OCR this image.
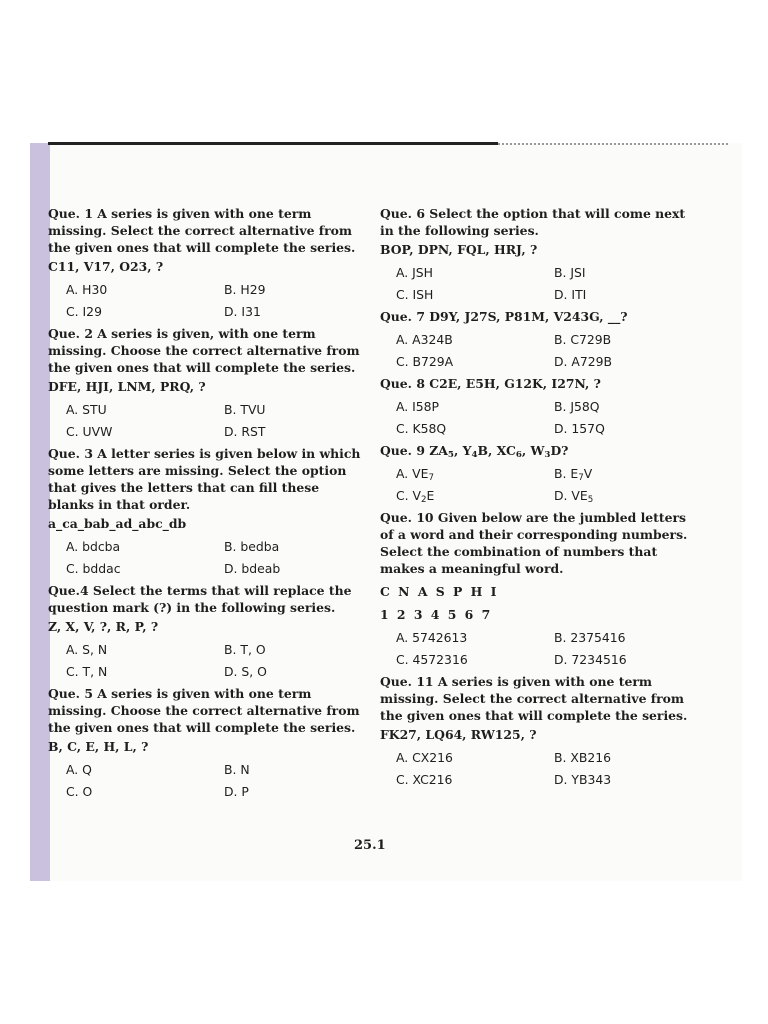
Que. 1 A series is given with one term missing. Select the correct alternative from the given ones that will complete the series.

C11, V17, O23, ?

A. H30	B. H29
C. I29	D. I31

Que. 2 A series is given, with one term missing. Choose the correct alternative from the given ones that will complete the series.

DFE, HJI, LNM, PRQ, ?

A. STU	B. TVU
C. UVW	D. RST

Que. 3 A letter series is given below in which some letters are missing. Select the option that gives the letters that can fill these blanks in that order.

a_ca_bab_ad_abc_db

A. bdcba	B. bedba
C. bddac	D. bdeab

Que.4 Select the terms that will replace the question mark (?) in the following series.

Z, X, V, ?, R, P, ?

A. S, N	B. T, O
C. T, N	D. S, O

Que. 5 A series is given with one term missing. Choose the correct alternative from the given ones that will complete the series.

B, C, E, H, L, ?

A. Q	B. N
C. O	D. P

Que. 6 Select the option that will come next in the following series.

BOP, DPN, FQL, HRJ, ?

A. JSH	B. JSI
C. ISH	D. ITI

Que. 7 D9Y, J27S, P81M, V243G, __?

A. A324B	B. C729B
C. B729A	D. A729B

Que. 8 C2E, E5H, G12K, I27N, ?

A. I58P	B. J58Q
C. K58Q	D. 157Q

Que. 9 $ZA_5$, $Y_4B$, $XC_6$, $W_3D$?

A. $VE_7$	B. $E_7V$
C. $V_2E$	D. $VE_5$

Que. 10 Given below are the jumbled letters of a word and their corresponding numbers. Select the combination of numbers that makes a meaningful word.

C N A S P H I

1 2 3 4 5 6 7

A. 5742613	B. 2375416
C. 4572316	D. 7234516

Que. 11 A series is given with one term missing. Select the correct alternative from the given ones that will complete the series.

FK27, LQ64, RW125, ?

A. CX216	B. XB216
C. XC216	D. YB343
25.1
